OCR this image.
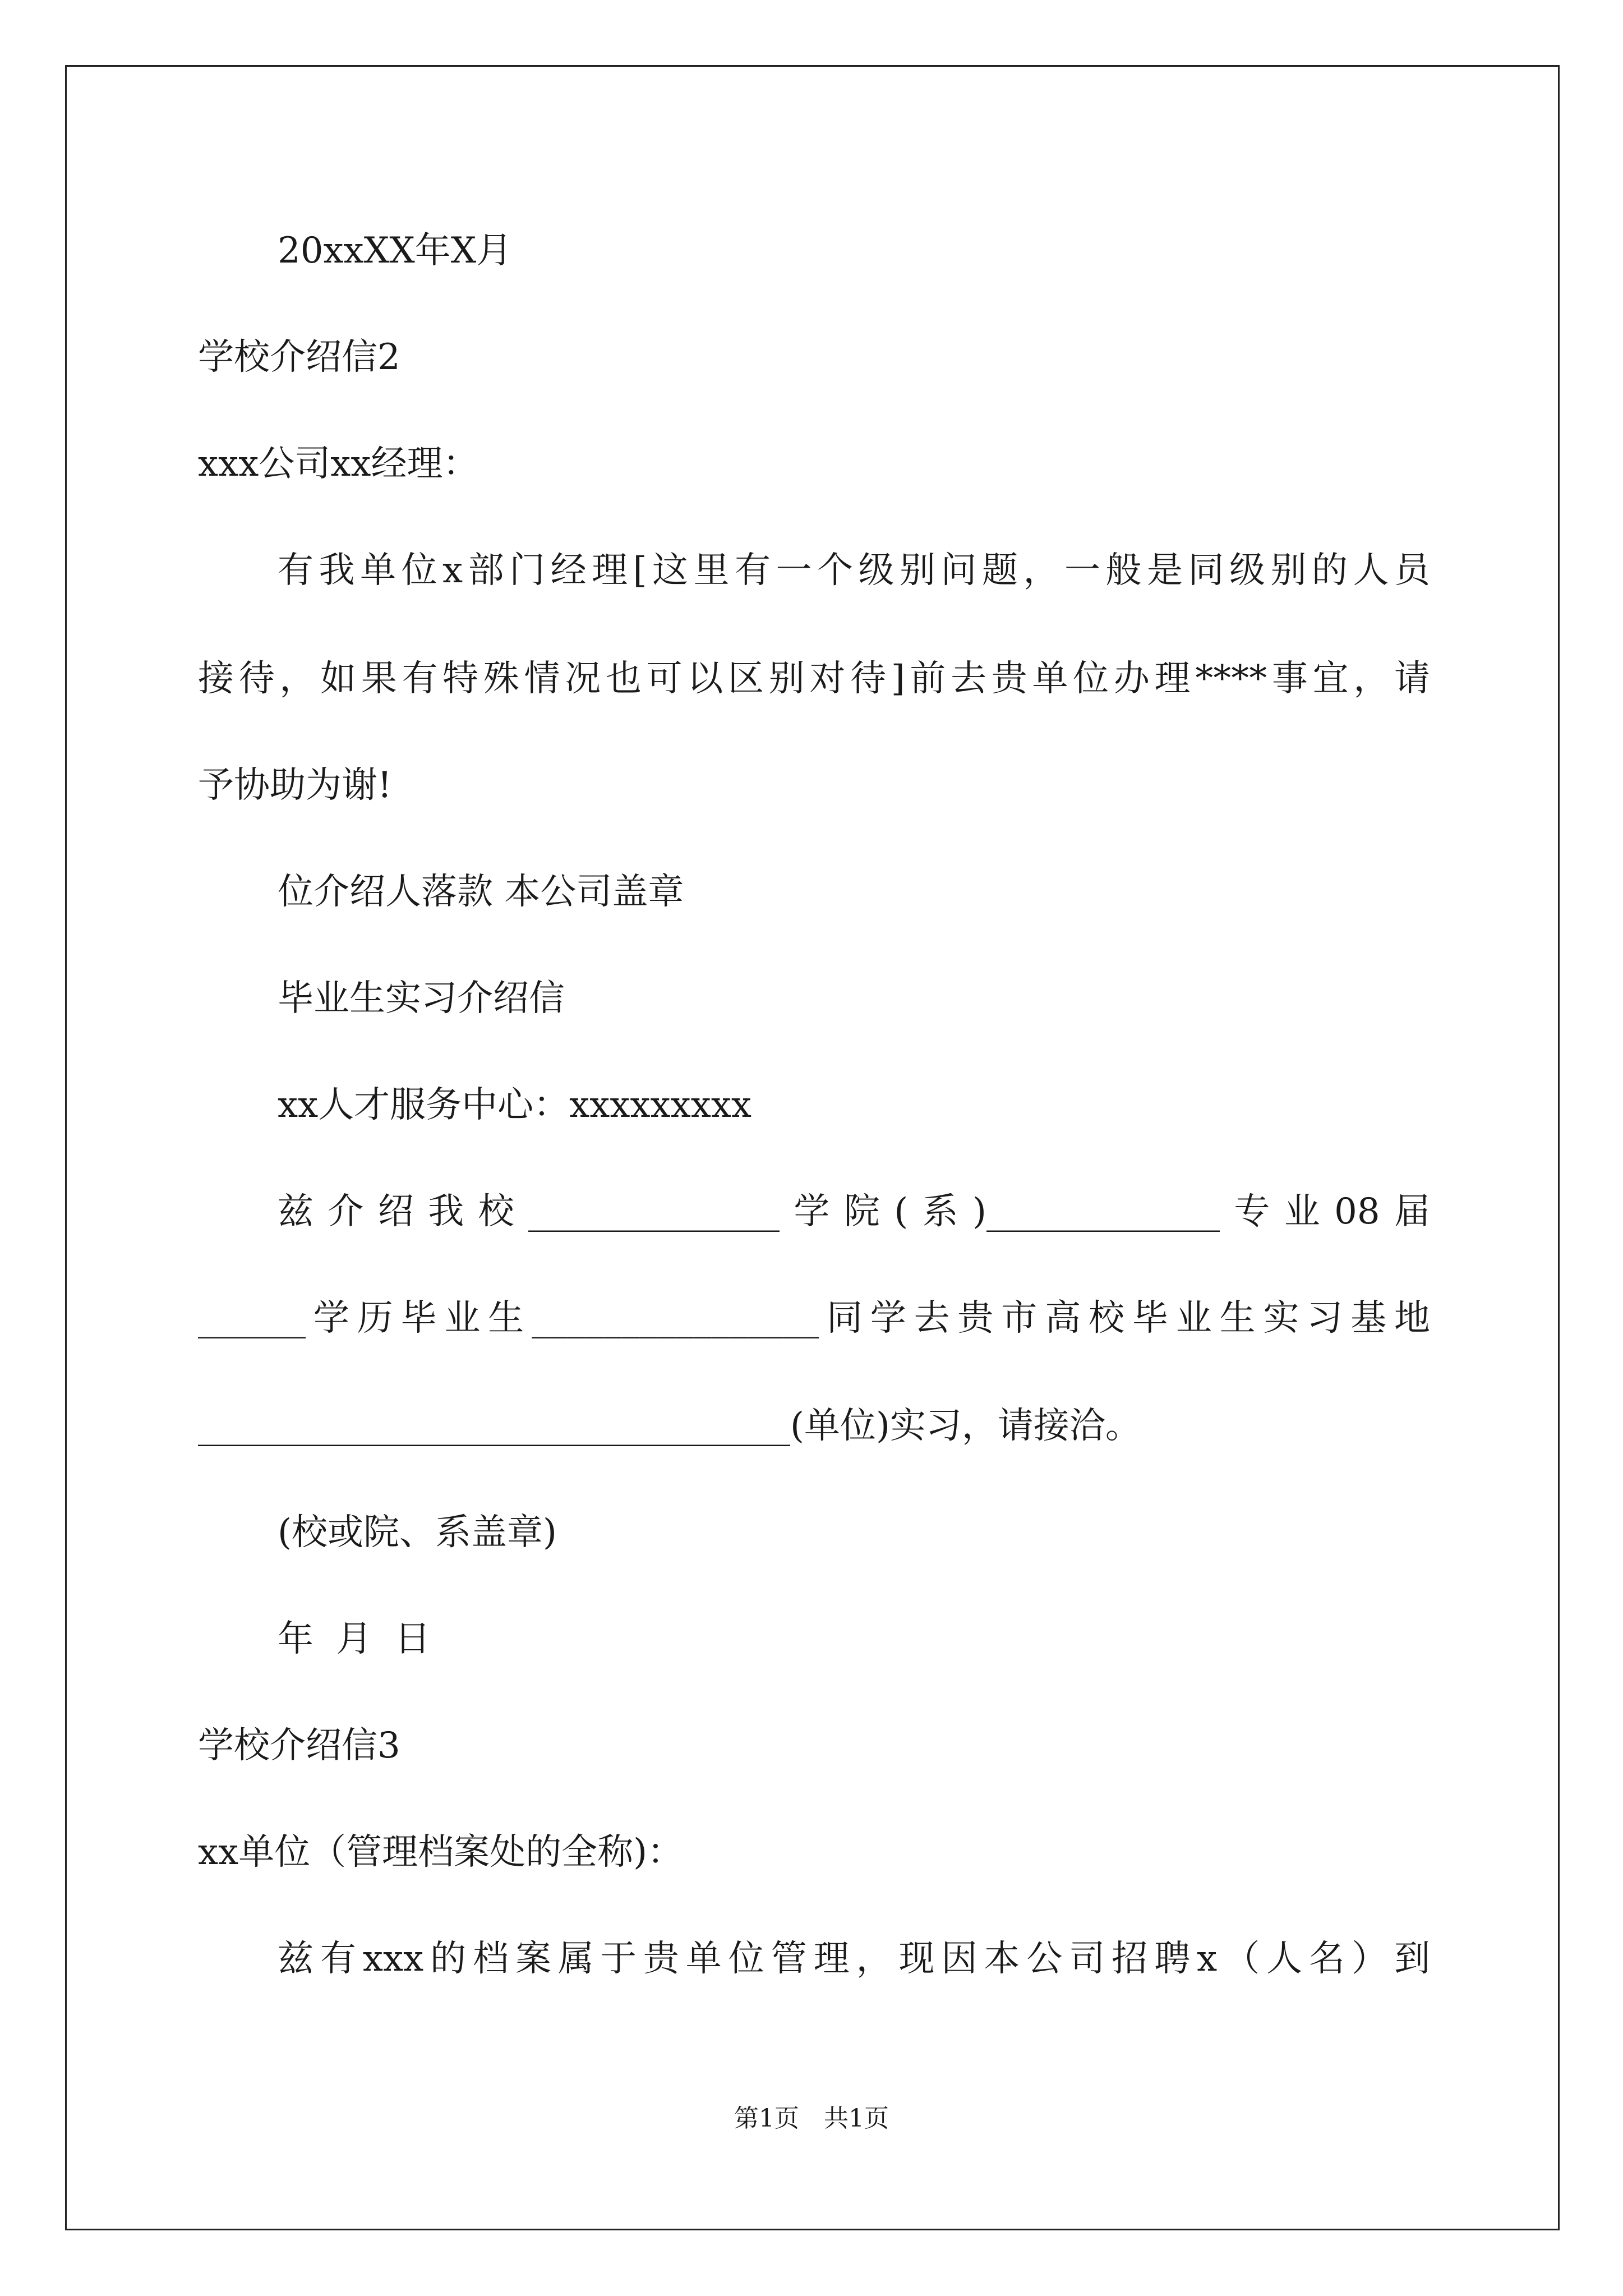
20xxXX年X月
学校介绍信2
xxx公司xx经理：
有我单位x部门经理[这里有一个级别问题，一般是同级别的人员
接待，如果有特殊情况也可以区别对待]前去贵单位办理****事宜，请
予协助为谢!
位介绍人落款 本公司盖章
毕业生实习介绍信
xx人才服务中心：xxxxxxxxx
兹介绍我校______________学院(系)_____________专业08届
______学历毕业生________________同学去贵市高校毕业生实习基地
_________________________________(单位)实习，请接洽。
(校或院、系盖章)
年 月 日
学校介绍信3
xx单位（管理档案处的全称)：
兹有xxx的档案属于贵单位管理，现因本公司招聘x（人名）到
第1页　共1页
